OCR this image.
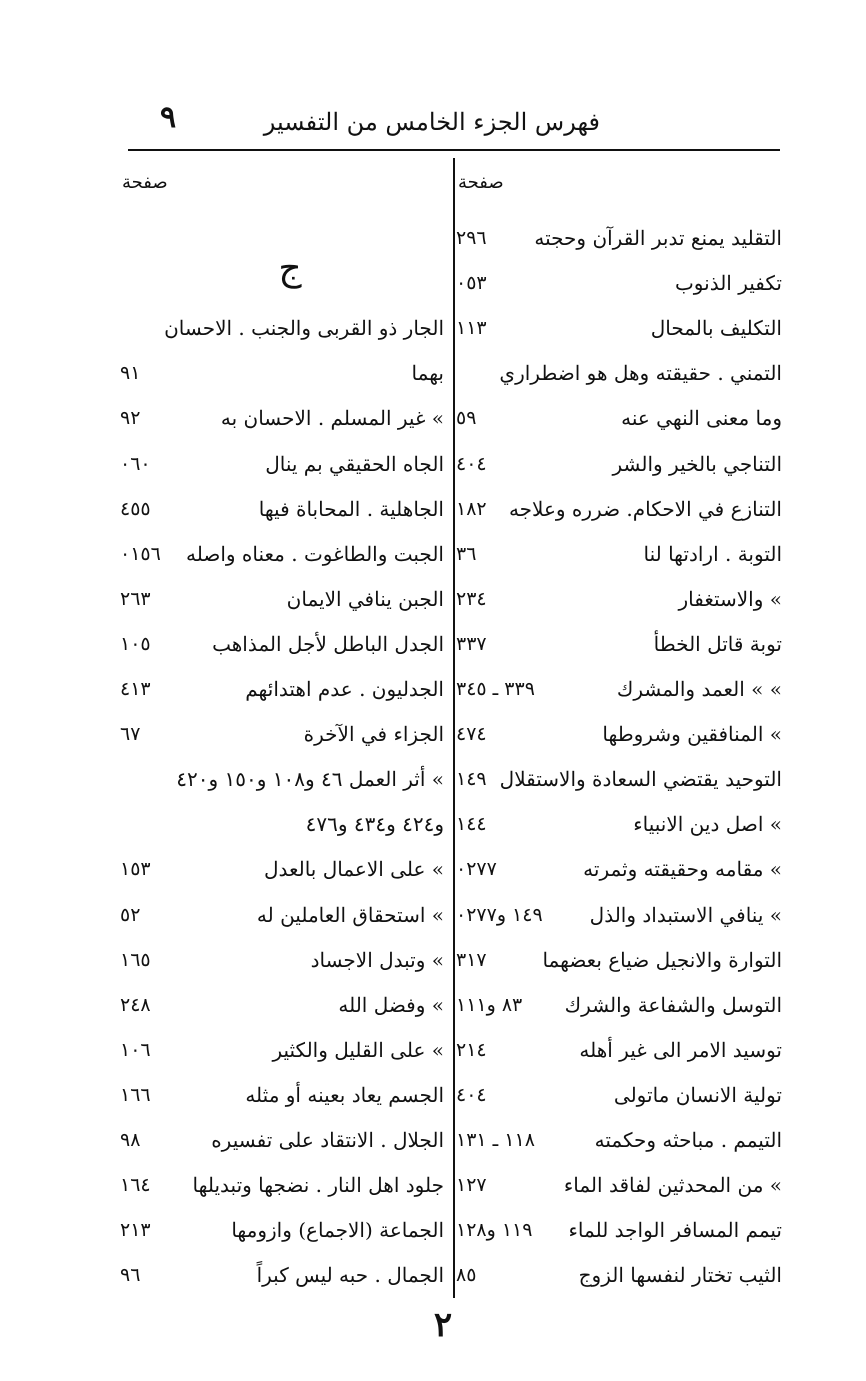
٩	فهرس الجزء الخامس من التفسير
صفحة
صفحة
ج
٢٩٦ التقليد يمنع تدبر القرآن وحجته
٠٥٣	تكفير الذنوب
١١٣	التكليف بالمحال
التمني . حقيقته وهل هو اضطراري
٥٩	وما معنى النهي عنه
٤٠٤	التناجي بالخير والشر
١٨٢ التنازع في الاحكام. ضرره وعلاجه
٣٦	التوبة . ارادتها لنا
٢٣٤	» والاستغفار
٣٣٧	توبة قاتل الخطأ
٣٣٩ ـ ٣٤٥	» » العمد والمشرك
٤٧٤	» المنافقين وشروطها
١٤٩ التوحيد يقتضي السعادة والاستقلال
١٤٤	» اصل دين الانبياء
٠٢٧٧	» مقامه وحقيقته وثمرته
١٤٩ و٠٢٧٧	» ينافي الاستبداد والذل
٣١٧	التوارة والانجيل ضياع بعضهما
٨٣ و١١١	التوسل والشفاعة والشرك
٢١٤	توسيد الامر الى غير أهله
٤٠٤	تولية الانسان ماتولى
١١٨ ـ ١٣١	التيمم . مباحثه وحكمته
١٢٧	» من المحدثين لفاقد الماء
١١٩ و١٢٨	تيمم المسافر الواجد للماء
٨٥	الثيب تختار لنفسها الزوج
الجار ذو القربى والجنب . الاحسان
٩١	بهما
٩٢	» غير المسلم . الاحسان به
٠٦٠	الجاه الحقيقي بم ينال
٤٥٥	الجاهلية . المحاباة فيها
٠١٥٦	الجبت والطاغوت . معناه واصله
٢٦٣	الجبن ينافي الايمان
١٠٥	الجدل الباطل لأجل المذاهب
٤١٣	الجدليون . عدم اهتدائهم
٦٧	الجزاء في الآخرة
» أثر العمل ٤٦ و١٠٨ و١٥٠ و٤٢٠
و٤٢٤ و٤٣٤ و٤٧٦
١٥٣	» على الاعمال بالعدل
٥٢	» استحقاق العاملين له
١٦٥	» وتبدل الاجساد
٢٤٨	» وفضل الله
١٠٦	» على القليل والكثير
١٦٦	الجسم يعاد بعينه أو مثله
٩٨	الجلال . الانتقاد على تفسيره
١٦٤	جلود اهل النار . نضجها وتبديلها
٢١٣	الجماعة (الاجماع) وازومها
٩٦	الجمال . حبه ليس كبراً
٢
